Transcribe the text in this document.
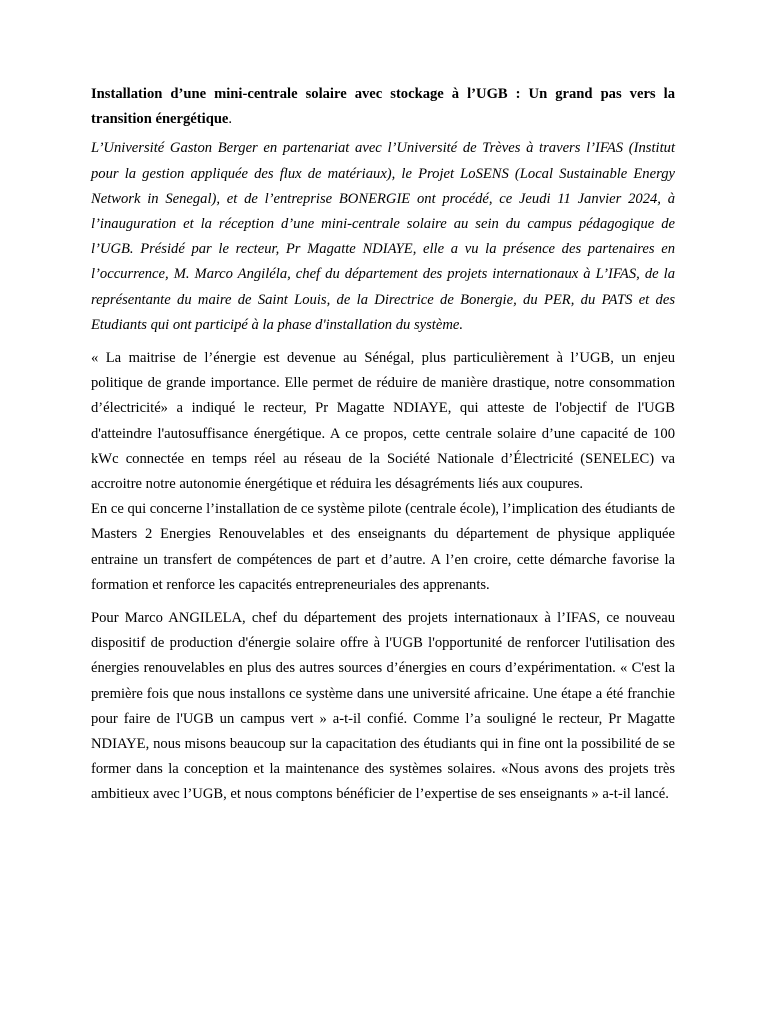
Installation d’une mini-centrale solaire avec stockage à l’UGB : Un grand pas vers la transition énergétique.

L’Université Gaston Berger en partenariat avec l’Université de Trèves à travers l’IFAS (Institut pour la gestion appliquée des flux de matériaux), le Projet LoSENS (Local Sustainable Energy Network in Senegal), et de l’entreprise BONERGIE ont procédé, ce Jeudi 11 Janvier 2024, à l’inauguration et la réception d’une mini-centrale solaire au sein du campus pédagogique de l’UGB. Présidé par le recteur, Pr Magatte NDIAYE, elle a vu la présence des partenaires en l’occurrence, M. Marco Angiléla, chef du département des projets internationaux à L’IFAS, de la représentante du maire de Saint Louis, de la Directrice de Bonergie, du PER, du PATS et des Etudiants qui ont participé à la phase d'installation du système.

« La maitrise de l’énergie est devenue au Sénégal, plus particulièrement à l’UGB, un enjeu politique de grande importance. Elle permet de réduire de manière drastique, notre consommation d’électricité» a indiqué le recteur, Pr Magatte NDIAYE, qui atteste de l'objectif de l'UGB d'atteindre l'autosuffisance énergétique. A ce propos, cette centrale solaire d’une capacité de 100 kWc connectée en temps réel au réseau de la Société Nationale d’Électricité (SENELEC) va accroitre notre autonomie énergétique et réduira les désagréments liés aux coupures.

En ce qui concerne l’installation de ce système pilote (centrale école), l’implication des étudiants de Masters 2 Energies Renouvelables et des enseignants du département de physique appliquée entraine un transfert de compétences de part et d’autre. A l’en croire, cette démarche favorise la formation et renforce les capacités entrepreneuriales des apprenants.

Pour Marco ANGILELA, chef du département des projets internationaux à l’IFAS, ce nouveau dispositif de production d'énergie solaire offre à l'UGB l'opportunité de renforcer l'utilisation des énergies renouvelables en plus des autres sources d’énergies en cours d’expérimentation. « C'est la première fois que nous installons ce système dans une université africaine. Une étape a été franchie pour faire de l'UGB un campus vert » a-t-il confié. Comme l’a souligné le recteur, Pr Magatte NDIAYE, nous misons beaucoup sur la capacitation des étudiants qui in fine ont la possibilité de se former dans la conception et la maintenance des systèmes solaires. «Nous avons des projets très ambitieux avec l’UGB, et nous comptons bénéficier de l’expertise de ses enseignants » a-t-il lancé.
